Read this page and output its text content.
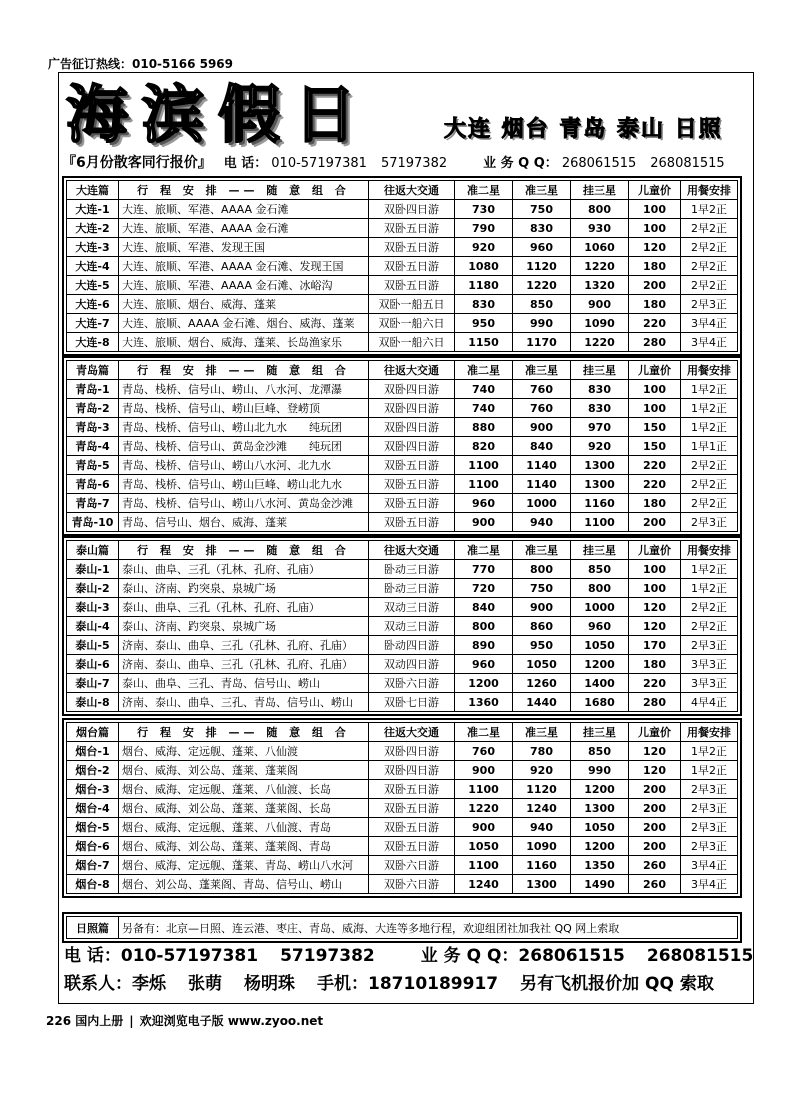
广告征订热线：010-5166 5969
海滨假日	大连 烟台 青岛 泰山 日照
『6月份散客同行报价』 电 话： 010-57197381 57197382	业 务 Q Q： 268061515 268081515
大连篇	行 程 安 排 —— 随 意 组 合	往返大交通	准二星	准三星	挂三星	儿童价	用餐安排
大连-1	大连、旅顺、军港、AAAA 金石滩	双卧四日游	730	750	800	100	1早2正
大连-2	大连、旅顺、军港、AAAA 金石滩	双卧五日游	790	830	930	100	2早2正
大连-3	大连、旅顺、军港、发现王国	双卧五日游	920	960	1060	120	2早2正
大连-4	大连、旅顺、军港、AAAA 金石滩、发现王国	双卧五日游	1080	1120	1220	180	2早2正
大连-5	大连、旅顺、军港、AAAA 金石滩、冰峪沟	双卧五日游	1180	1220	1320	200	2早2正
大连-6	大连、旅顺、烟台、威海、蓬莱	双卧一船五日	830	850	900	180	2早3正
大连-7	大连、旅顺、AAAA 金石滩、烟台、威海、蓬莱	双卧一船六日	950	990	1090	220	3早4正
大连-8	大连、旅顺、烟台、威海、蓬莱、长岛渔家乐	双卧一船六日	1150	1170	1220	280	3早4正
青岛篇	行 程 安 排 —— 随 意 组 合	往返大交通	准二星	准三星	挂三星	儿童价	用餐安排
青岛-1	青岛、栈桥、信号山、崂山、八水河、龙潭瀑	双卧四日游	740	760	830	100	1早2正
青岛-2	青岛、栈桥、信号山、崂山巨峰、登崂顶	双卧四日游	740	760	830	100	1早2正
青岛-3	青岛、栈桥、信号山、崂山北九水　　纯玩团	双卧四日游	880	900	970	150	1早2正
青岛-4	青岛、栈桥、信号山、黄岛金沙滩　　纯玩团	双卧四日游	820	840	920	150	1早1正
青岛-5	青岛、栈桥、信号山、崂山八水河、北九水	双卧五日游	1100	1140	1300	220	2早2正
青岛-6	青岛、栈桥、信号山、崂山巨峰、崂山北九水	双卧五日游	1100	1140	1300	220	2早2正
青岛-7	青岛、栈桥、信号山、崂山八水河、黄岛金沙滩	双卧五日游	960	1000	1160	180	2早2正
青岛-10	青岛、信号山、烟台、威海、蓬莱	双卧五日游	900	940	1100	200	2早3正
泰山篇	行 程 安 排 —— 随 意 组 合	往返大交通	准二星	准三星	挂三星	儿童价	用餐安排
泰山-1	泰山、曲阜、三孔（孔林、孔府、孔庙）	卧动三日游	770	800	850	100	1早2正
泰山-2	泰山、济南、趵突泉、泉城广场	卧动三日游	720	750	800	100	1早2正
泰山-3	泰山、曲阜、三孔（孔林、孔府、孔庙）	双动三日游	840	900	1000	120	2早2正
泰山-4	泰山、济南、趵突泉、泉城广场	双动三日游	800	860	960	120	2早2正
泰山-5	济南、泰山、曲阜、三孔（孔林、孔府、孔庙）	卧动四日游	890	950	1050	170	2早3正
泰山-6	济南、泰山、曲阜、三孔（孔林、孔府、孔庙）	双动四日游	960	1050	1200	180	3早3正
泰山-7	泰山、曲阜、三孔、青岛、信号山、崂山	双卧六日游	1200	1260	1400	220	3早3正
泰山-8	济南、泰山、曲阜、三孔、青岛、信号山、崂山	双卧七日游	1360	1440	1680	280	4早4正
烟台篇	行 程 安 排 —— 随 意 组 合	往返大交通	准二星	准三星	挂三星	儿童价	用餐安排
烟台-1	烟台、威海、定远舰、蓬莱、八仙渡	双卧四日游	760	780	850	120	1早2正
烟台-2	烟台、威海、刘公岛、蓬莱、蓬莱阁	双卧四日游	900	920	990	120	1早2正
烟台-3	烟台、威海、定远舰、蓬莱、八仙渡、长岛	双卧五日游	1100	1120	1200	200	2早3正
烟台-4	烟台、威海、刘公岛、蓬莱、蓬莱阁、长岛	双卧五日游	1220	1240	1300	200	2早3正
烟台-5	烟台、威海、定远舰、蓬莱、八仙渡、青岛	双卧五日游	900	940	1050	200	2早3正
烟台-6	烟台、威海、刘公岛、蓬莱、蓬莱阁、青岛	双卧五日游	1050	1090	1200	200	2早3正
烟台-7	烟台、威海、定远舰、蓬莱、青岛、崂山八水河	双卧六日游	1100	1160	1350	260	3早4正
烟台-8	烟台、刘公岛、蓬莱阁、青岛、信号山、崂山	双卧六日游	1240	1300	1490	260	3早4正
日照篇	另备有：北京—日照、连云港、枣庄、青岛、威海、大连等多地行程，欢迎组团社加我社 QQ 网上索取
电 话： 010-57197381 57197382	业 务 Q Q： 268061515 268081515
联系人： 李烁 张萌 杨明珠 手机： 18710189917 另有飞机报价加 QQ 索取
226 国内上册 | 欢迎浏览电子版 www.zyoo.net
